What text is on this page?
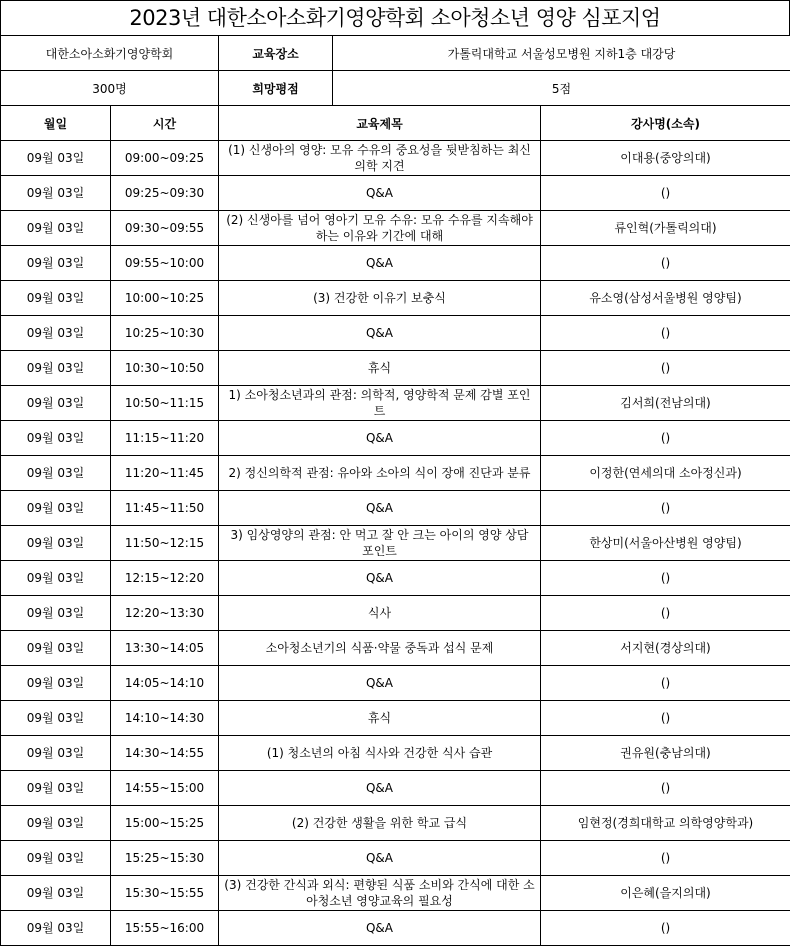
2023년 대한소아소화기영양학회 소아청소년 영양 심포지엄
대한소아소화기영양학회	교육장소	가톨릭대학교 서울성모병원 지하1층 대강당
300명	희망평점	5점
월일	시간	교육제목	강사명(소속)
09월 03일	09:00~09:25	(1) 신생아의 영양: 모유 수유의 중요성을 뒷받침하는 최신 의학 지견	이대용(중앙의대)
09월 03일	09:25~09:30	Q&A	()
09월 03일	09:30~09:55	(2) 신생아를 넘어 영아기 모유 수유: 모유 수유를 지속해야 하는 이유와 기간에 대해	류인혁(가톨릭의대)
09월 03일	09:55~10:00	Q&A	()
09월 03일	10:00~10:25	(3) 건강한 이유기 보충식	유소영(삼성서울병원 영양팀)
09월 03일	10:25~10:30	Q&A	()
09월 03일	10:30~10:50	휴식	()
09월 03일	10:50~11:15	1) 소아청소년과의 관점: 의학적, 영양학적 문제 감별 포인트	김서희(전남의대)
09월 03일	11:15~11:20	Q&A	()
09월 03일	11:20~11:45	2) 정신의학적 관점: 유아와 소아의 식이 장애 진단과 분류	이정한(연세의대 소아정신과)
09월 03일	11:45~11:50	Q&A	()
09월 03일	11:50~12:15	3) 임상영양의 관점: 안 먹고 잘 안 크는 아이의 영양 상담 포인트	한상미(서울아산병원 영양팀)
09월 03일	12:15~12:20	Q&A	()
09월 03일	12:20~13:30	식사	()
09월 03일	13:30~14:05	소아청소년기의 식품·약물 중독과 섭식 문제	서지현(경상의대)
09월 03일	14:05~14:10	Q&A	()
09월 03일	14:10~14:30	휴식	()
09월 03일	14:30~14:55	(1) 청소년의 아침 식사와 건강한 식사 습관	권유원(충남의대)
09월 03일	14:55~15:00	Q&A	()
09월 03일	15:00~15:25	(2) 건강한 생활을 위한 학교 급식	임현정(경희대학교 의학영양학과)
09월 03일	15:25~15:30	Q&A	()
09월 03일	15:30~15:55	(3) 건강한 간식과 외식: 편향된 식품 소비와 간식에 대한 소아청소년 영양교육의 필요성	이은혜(을지의대)
09월 03일	15:55~16:00	Q&A	()
